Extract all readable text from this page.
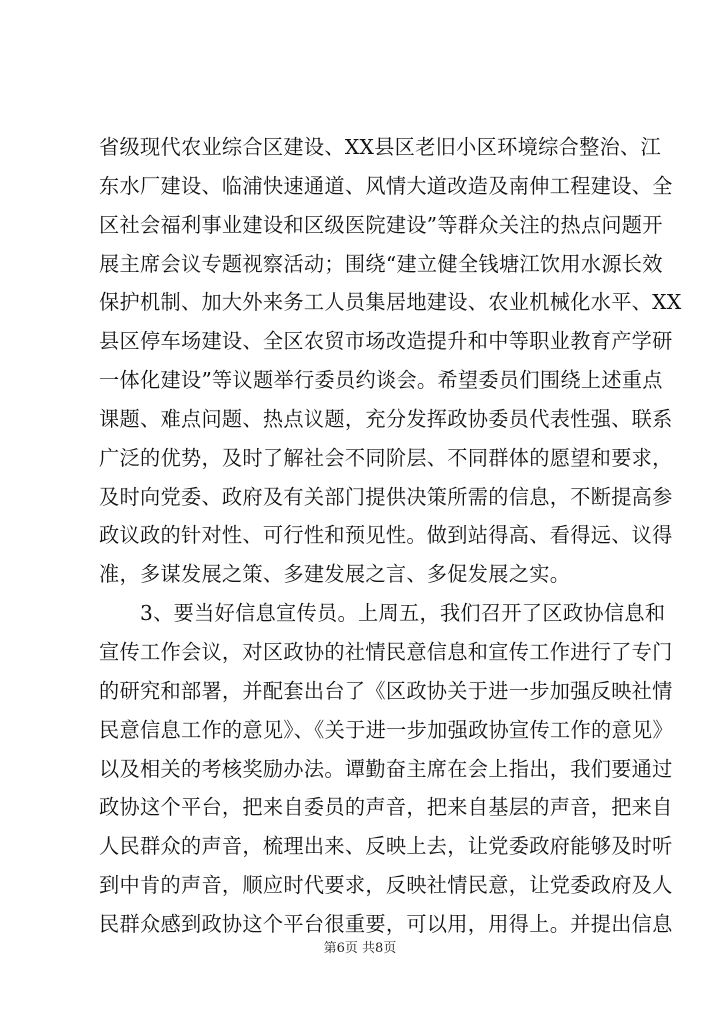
省级现代农业综合区建设、XX县区老旧小区环境综合整治、江
东水厂建设、临浦快速通道、风情大道改造及南伸工程建设、全
区社会福利事业建设和区级医院建设”等群众关注的热点问题开
展主席会议专题视察活动；围绕“建立健全钱塘江饮用水源长效
保护机制、加大外来务工人员集居地建设、农业机械化水平、XX
县区停车场建设、全区农贸市场改造提升和中等职业教育产学研
一体化建设”等议题举行委员约谈会。希望委员们围绕上述重点
课题、难点问题、热点议题，充分发挥政协委员代表性强、联系
广泛的优势，及时了解社会不同阶层、不同群体的愿望和要求，
及时向党委、政府及有关部门提供决策所需的信息，不断提高参
政议政的针对性、可行性和预见性。做到站得高、看得远、议得
准，多谋发展之策、多建发展之言、多促发展之实。
　　3、要当好信息宣传员。上周五，我们召开了区政协信息和
宣传工作会议，对区政协的社情民意信息和宣传工作进行了专门
的研究和部署，并配套出台了《区政协关于进一步加强反映社情
民意信息工作的意见》、《关于进一步加强政协宣传工作的意见》
以及相关的考核奖励办法。谭勤奋主席在会上指出，我们要通过
政协这个平台，把来自委员的声音，把来自基层的声音，把来自
人民群众的声音，梳理出来、反映上去，让党委政府能够及时听
到中肯的声音，顺应时代要求，反映社情民意，让党委政府及人
民群众感到政协这个平台很重要，可以用，用得上。并提出信息
第6页 共8页
